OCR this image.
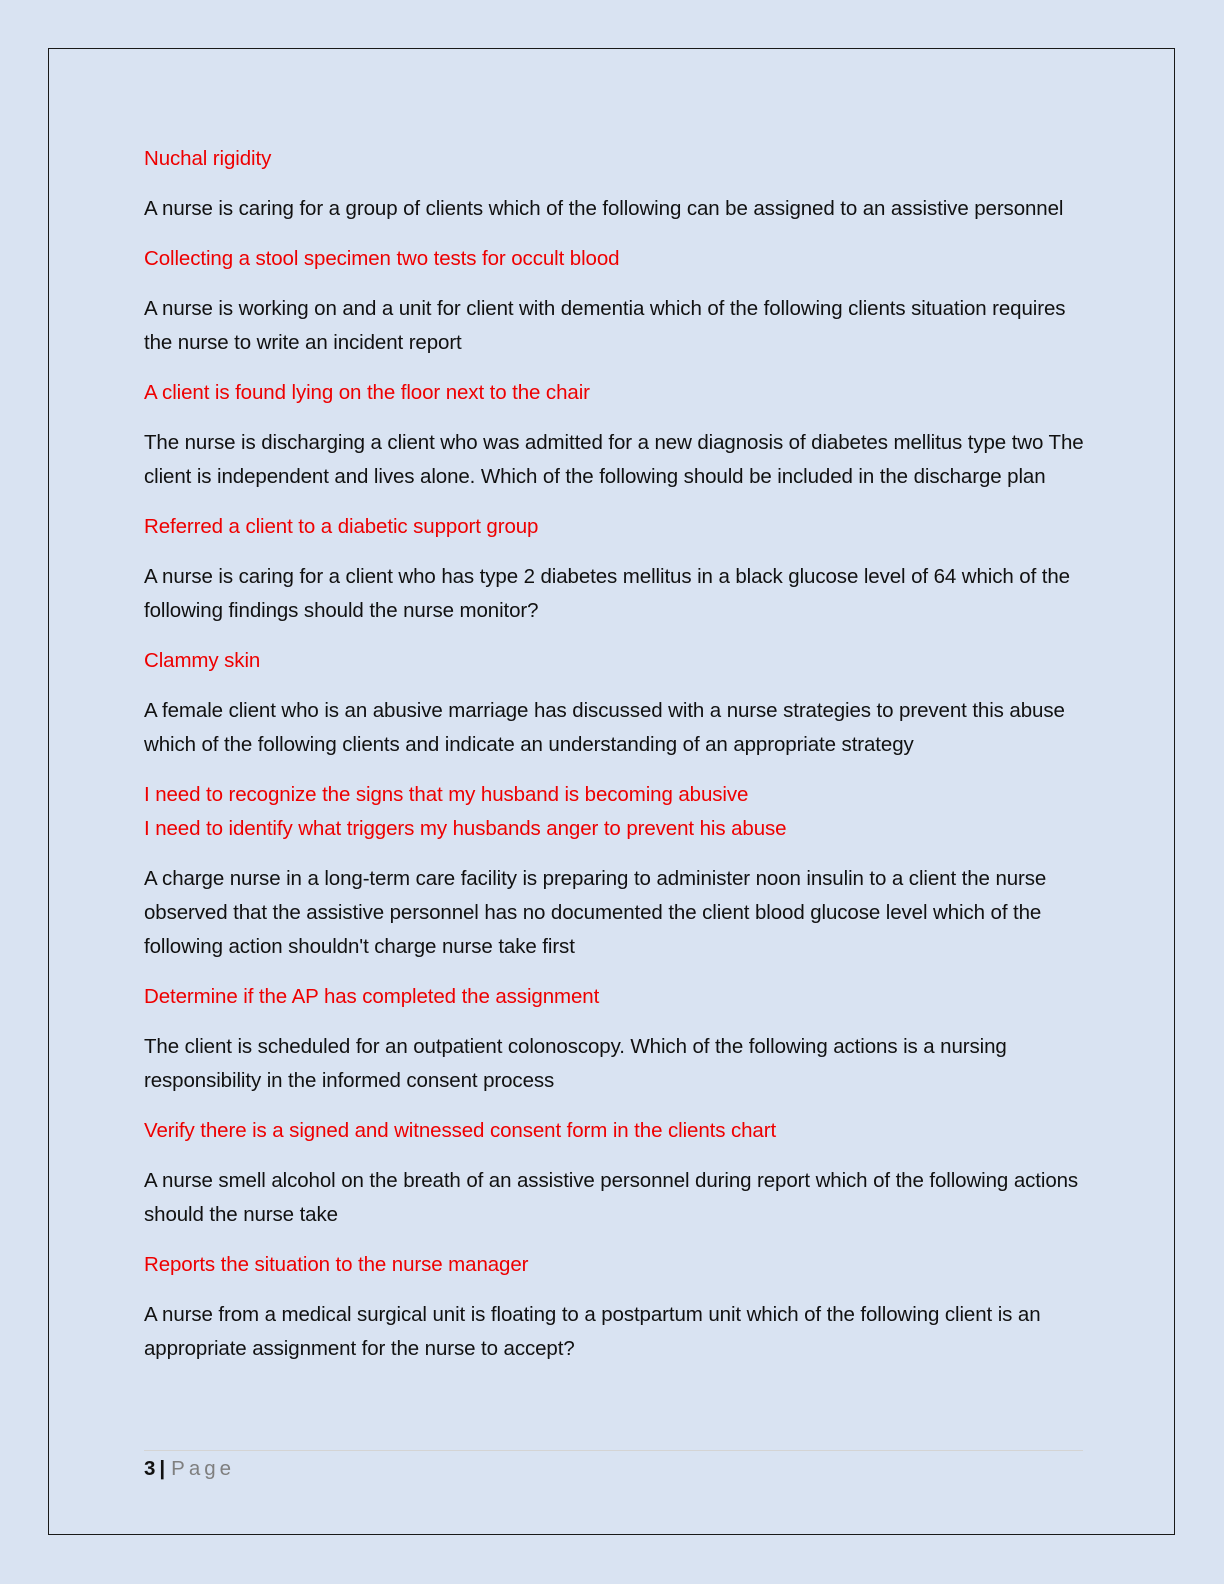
Nuchal rigidity

A nurse is caring for a group of clients which of the following can be assigned to an assistive personnel

Collecting a stool specimen two tests for occult blood

A nurse is working on and a unit for client with dementia which of the following clients situation requires the nurse to write an incident report

A client is found lying on the floor next to the chair

The nurse is discharging a client who was admitted for a new diagnosis of diabetes mellitus type two The client is independent and lives alone. Which of the following should be included in the discharge plan

Referred a client to a diabetic support group

A nurse is caring for a client who has type 2 diabetes mellitus in a black glucose level of 64 which of the following findings should the nurse monitor?

Clammy skin

A female client who is an abusive marriage has discussed with a nurse strategies to prevent this abuse which of the following clients and indicate an understanding of an appropriate strategy

I need to recognize the signs that my husband is becoming abusive

I need to identify what triggers my husbands anger to prevent his abuse

A charge nurse in a long-term care facility is preparing to administer noon insulin to a client the nurse observed that the assistive personnel has no documented the client blood glucose level which of the following action shouldn't charge nurse take first

Determine if the AP has completed the assignment

The client is scheduled for an outpatient colonoscopy. Which of the following actions is a nursing responsibility in the informed consent process

Verify there is a signed and witnessed consent form in the clients chart

A nurse smell alcohol on the breath of an assistive personnel during report which of the following actions should the nurse take

Reports the situation to the nurse manager

A nurse from a medical surgical unit is floating to a postpartum unit which of the following client is an appropriate assignment for the nurse to accept?

3 | Page
